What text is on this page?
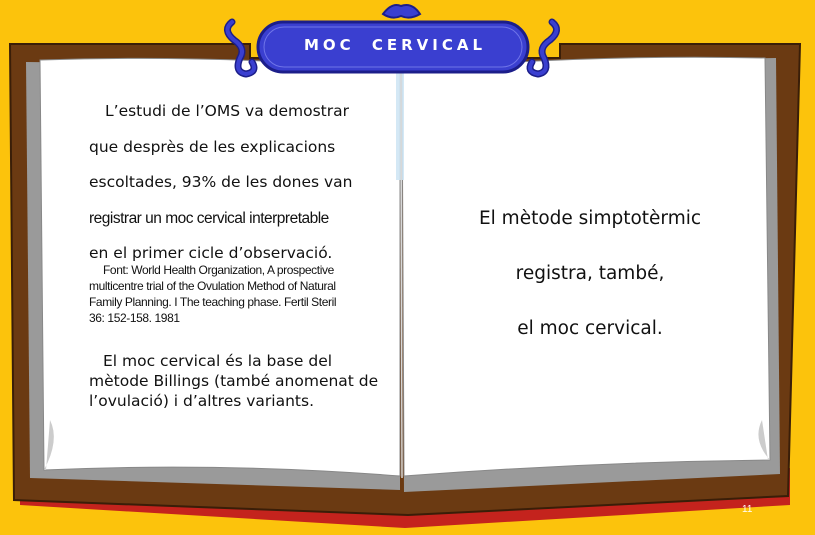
MOC CERVICAL
L’estudi de l’OMS va demostrar
que desprès de les explicacions
escoltades, 93% de les dones van
registrar un moc cervical interpretable
en el primer cicle d’observació.
Font: World Health Organization, A prospective
multicentre trial of the Ovulation Method of Natural
Family Planning. I The teaching phase. Fertil Steril
36: 152-158. 1981
El moc cervical és la base del
mètode Billings (també anomenat de
l’ovulació) i d’altres variants.
El mètode simptotèrmic
registra, també,
el moc cervical.
11
